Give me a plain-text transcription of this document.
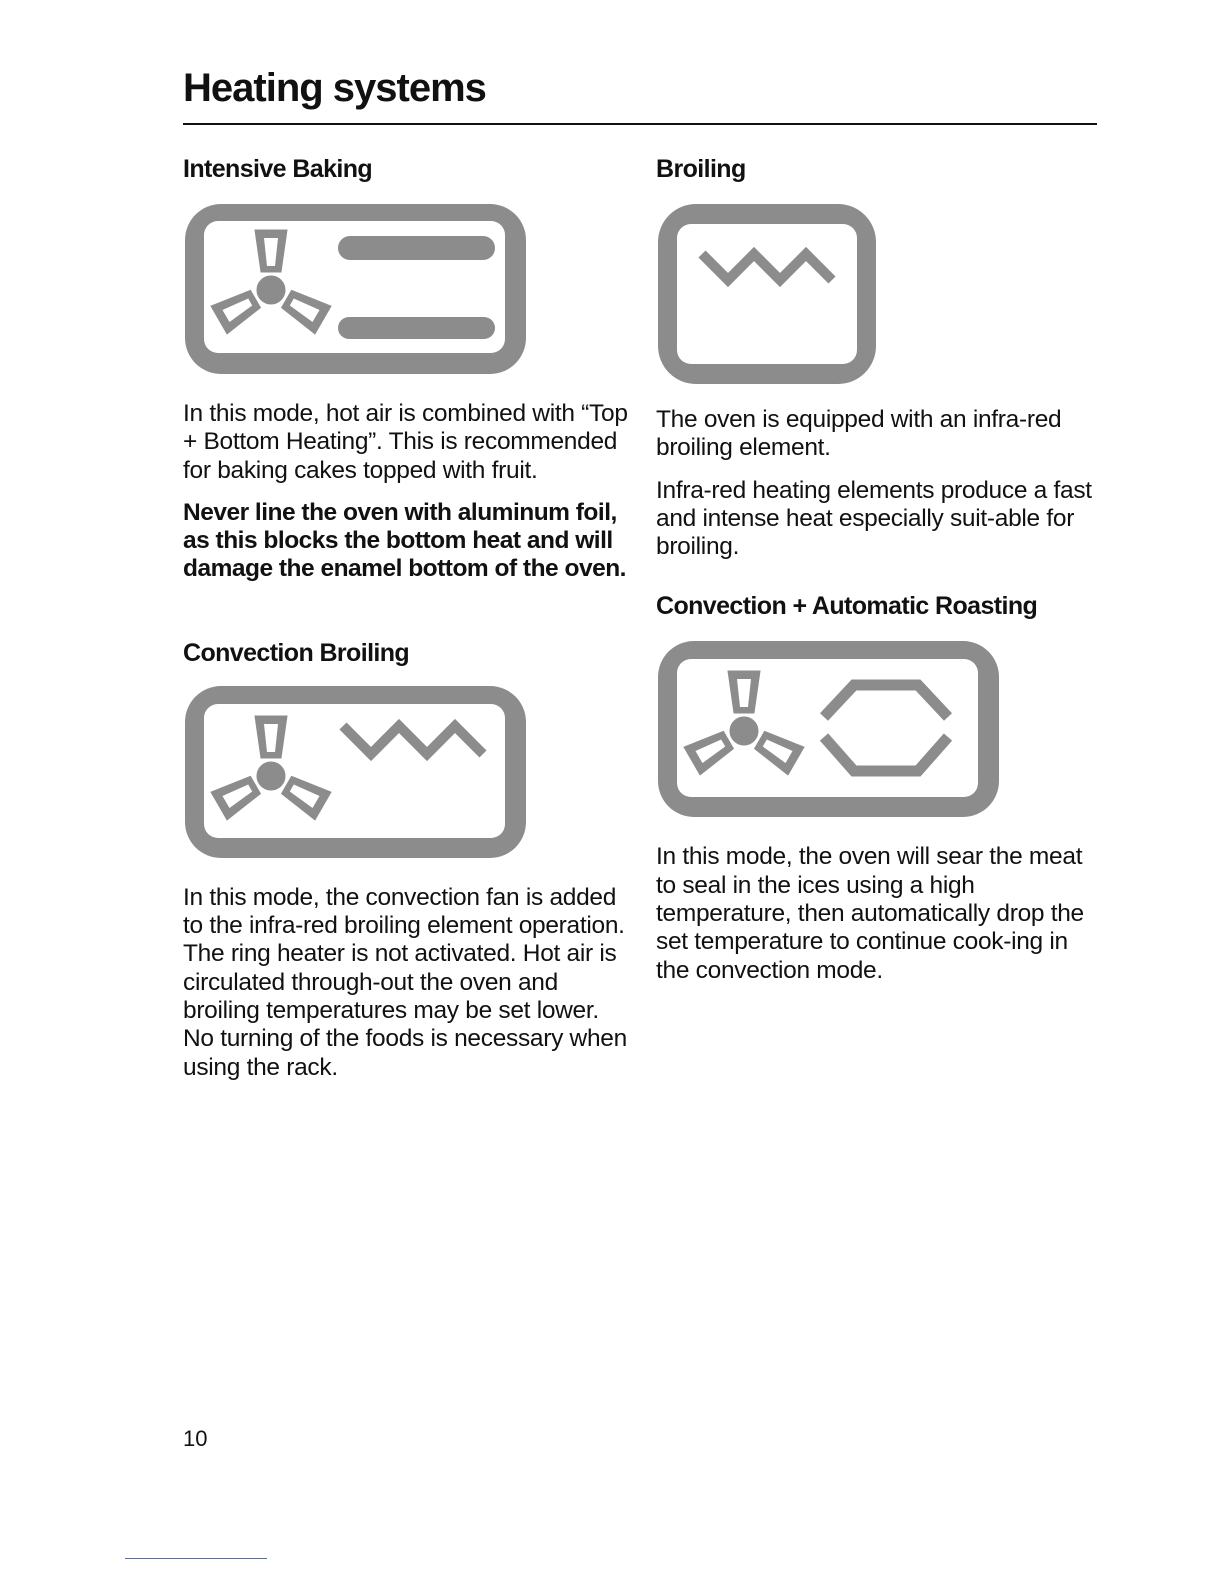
Heating systems
Intensive Baking

In this mode, hot air is combined with “Top + Bottom Heating”. This is recommended for baking cakes topped with fruit.

Never line the oven with aluminum foil, as this blocks the bottom heat and will damage the enamel bottom of the oven.

Convection Broiling

In this mode, the convection fan is added to the infra-red broiling element operation. The ring heater is not activated. Hot air is circulated through-out the oven and broiling temperatures may be set lower. No turning of the foods is necessary when using the rack.

Broiling

The oven is equipped with an infra-red broiling element.

Infra-red heating elements produce a fast and intense heat especially suit-able for broiling.

Convection + Automatic Roasting

In this mode, the oven will sear the meat to seal in the ices using a high temperature, then automatically drop the set temperature to continue cook-ing in the convection mode.

10
